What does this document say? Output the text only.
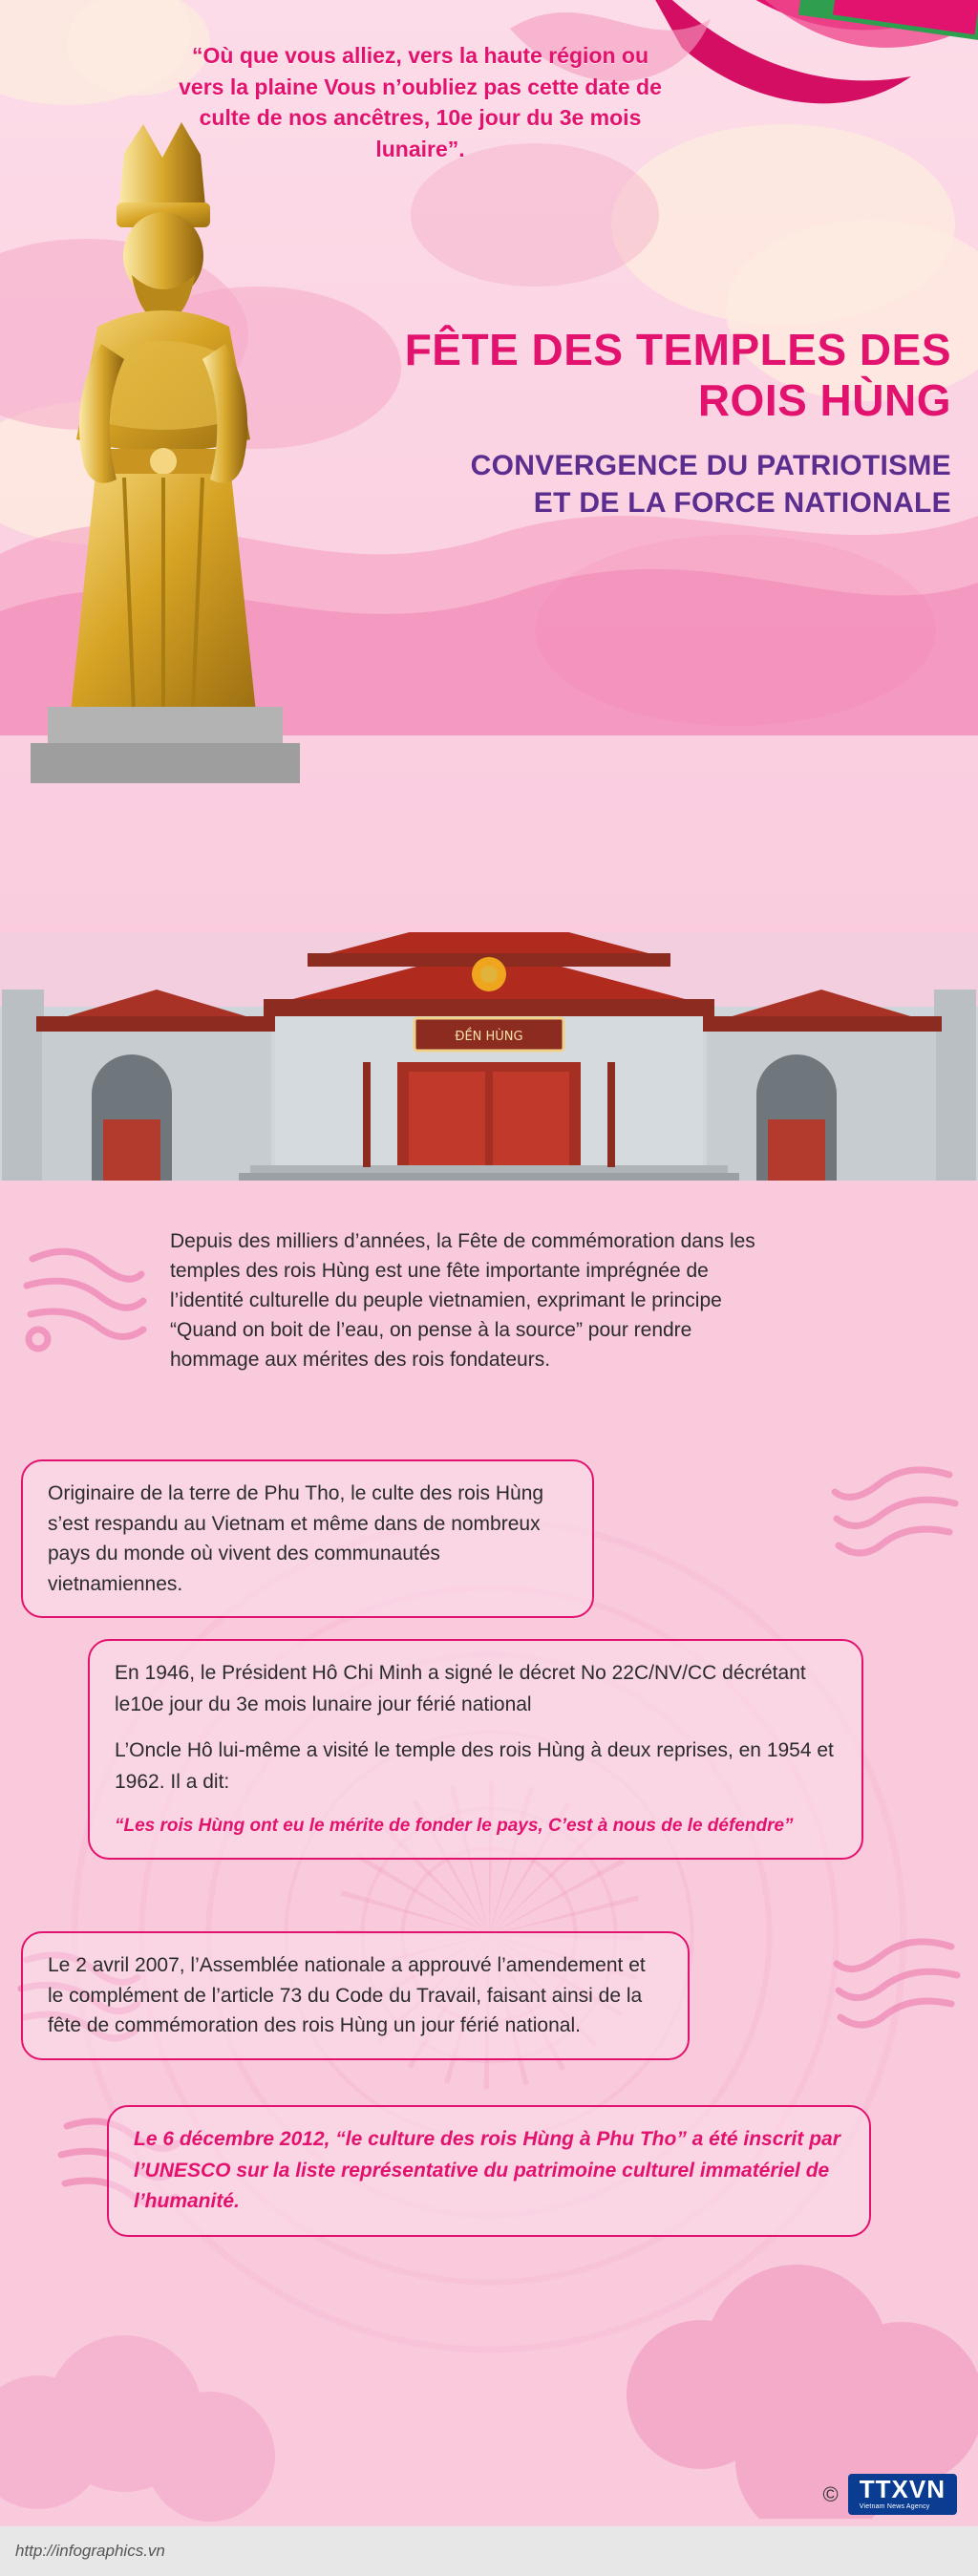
“Où que vous alliez, vers la haute région ou vers la plaine Vous n’oubliez pas cette date de culte de nos ancêtres, 10e jour du 3e mois lunaire”.
FÊTE DES TEMPLES DES ROIS HÙNG
CONVERGENCE DU PATRIOTISME
ET DE LA FORCE NATIONALE
ĐỀN HÙNG
Depuis des milliers d’années, la Fête de commémoration dans les temples des rois Hùng est une fête importante imprégnée de l’identité culturelle du peuple vietnamien, exprimant le principe “Quand on boit de l’eau, on pense à la source” pour rendre hommage aux mérites des rois fondateurs.
Originaire de la terre de Phu Tho, le culte des rois Hùng s’est respandu au Vietnam et même dans de nombreux pays du monde où vivent des communautés vietnamiennes.

En 1946, le Président Hô Chi Minh a signé le décret No 22C/NV/CC décrétant le10e jour du 3e mois lunaire jour férié national

L’Oncle Hô lui-même a visité le temple des rois Hùng à deux reprises, en 1954 et 1962. Il a dit:

“Les rois Hùng ont eu le mérite de fonder le pays, C’est à nous de le défendre”

Le 2 avril 2007, l’Assemblée nationale a approuvé l’amendement et le complément de l’article 73 du Code du Travail, faisant ainsi de la fête de commémoration des rois Hùng un jour férié national.
Le 6 décembre 2012, “le culture des rois Hùng à Phu Tho” a été inscrit par l’UNESCO sur la liste représentative du patrimoine culturel immatériel de l’humanité.
© TTXVN
Vietnam News Agency
http://infographics.vn
